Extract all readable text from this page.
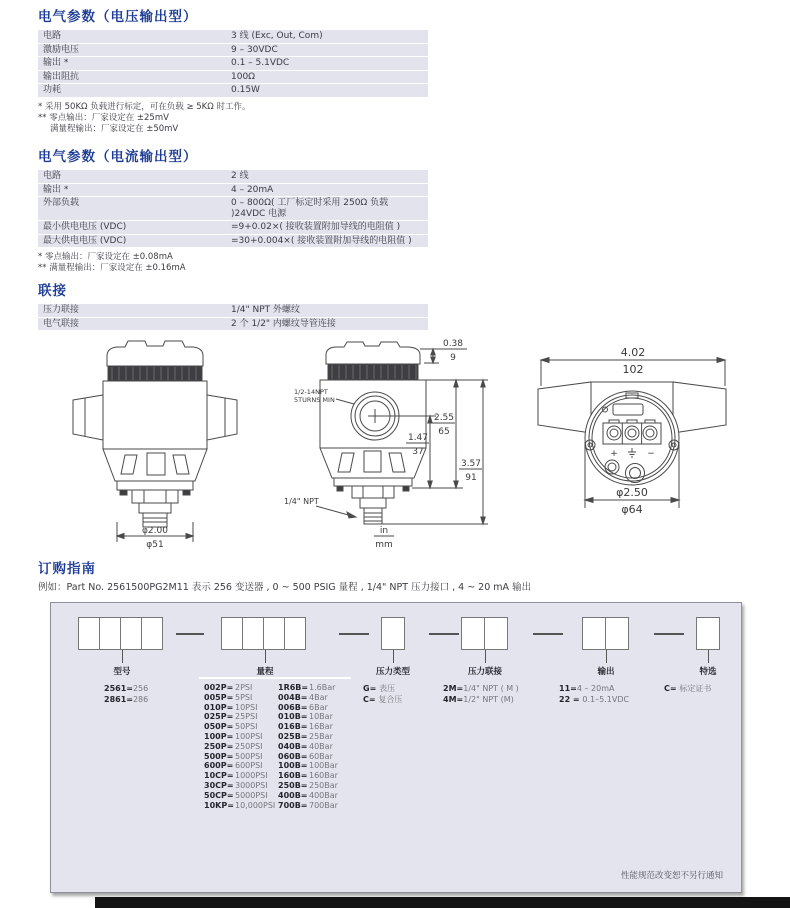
电气参数（电压输出型）
电路	3 线 (Exc, Out, Com)
激励电压	9 – 30VDC
输出 *	0.1 – 5.1VDC
输出阻抗	100Ω
功耗	0.15W
* 采用 50KΩ 负载进行标定，可在负载 ≥ 5KΩ 时工作。
** 零点输出：厂家设定在 ±25mV
满量程输出：厂家设定在 ±50mV
电气参数（电流输出型）
电路	2 线
输出 *	4 – 20mA
外部负载	0 – 800Ω( 工厂标定时采用 250Ω 负载 )24VDC 电源
最小供电电压 (VDC)	=9+0.02×( 接收装置附加导线的电阻值 )
最大供电电压 (VDC)	=30+0.004×( 接收装置附加导线的电阻值 )
* 零点输出：厂家设定在 ±0.08mA
** 满量程输出：厂家设定在 ±0.16mA
联接
压力联接	1/4" NPT 外螺纹
电气联接	2 个 1/2" 内螺纹导管连接
φ2.00
φ51
1/2-14NPT
5TURNS MIN
1/4" NPT
0.38
9
2.55
65
1.47
37
3.57
91
in
mm
+	−
4.02
102
φ2.50
φ64
订购指南
例如：Part No. 2561500PG2M11 表示 256 变送器 , 0 ~ 500 PSIG 量程 , 1/4" NPT 压力接口 , 4 ~ 20 mA 输出
型号	量程	压力类型	压力联接	输出	特选
2561=256
2861=286
002P= 2PSI
005P= 5PSI
010P= 10PSI
025P= 25PSI
050P= 50PSI
100P= 100PSI
250P= 250PSI
500P= 500PSI
600P= 600PSI
10CP=1000PSI
30CP=3000PSI
50CP=5000PSI
10KP=10,000PSI
1R6B=1.6Bar
004B= 4Bar
006B= 6Bar
010B= 10Bar
016B= 16Bar
025B= 25Bar
040B= 40Bar
060B= 60Bar
100B= 100Bar
160B= 160Bar
250B= 250Bar
400B= 400Bar
700B= 700Bar
G= 表压
C= 复合压
2M=1/4" NPT ( M )
4M=1/2" NPT (M)
11=4 – 20mA
22 = 0.1–5.1VDC
C= 标定证书
性能规范改变恕不另行通知
